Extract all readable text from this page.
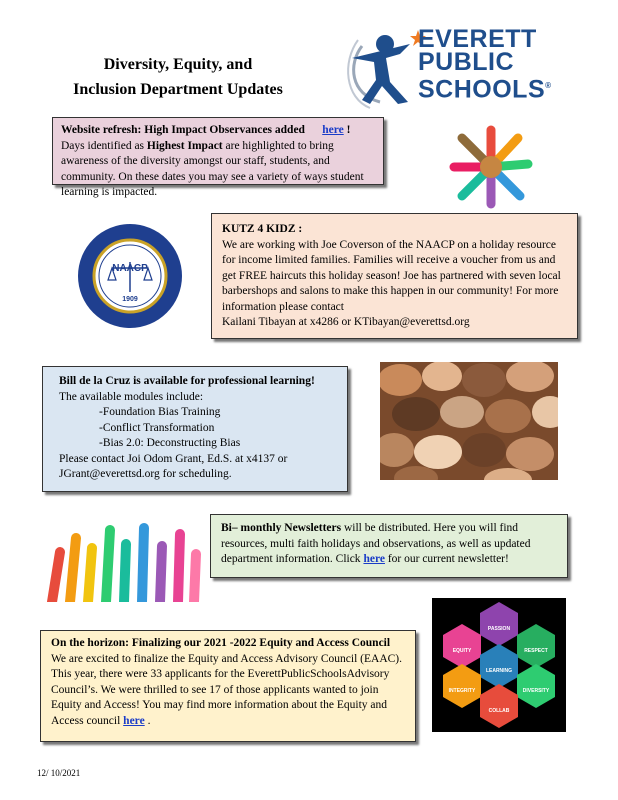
Diversity, Equity, and
Inclusion Department Updates
EVERETT
PUBLIC
SCHOOLS®
Website refresh: High Impact Observances added here !
Days identified as Highest Impact are highlighted to bring awareness of the diversity amongst our staff, students, and community. On these dates you may see a variety of ways student learning is impacted.
NAACP
1909
KUTZ 4 KIDZ :
We are working with Joe Coverson of the NAACP on a holiday resource for income limited families. Families will receive a voucher from us and get FREE haircuts this holiday season! Joe has partnered with seven local barbershops and salons to make this happen in our community! For more information please contact
Kailani Tibayan at x4286 or KTibayan@everettsd.org
Bill de la Cruz is available for professional learning!
The available modules include:
-Foundation Bias Training
-Conflict Transformation
-Bias 2.0: Deconstructing Bias
Please contact Joi Odom Grant, Ed.S. at x4137 or JGrant@everettsd.org for scheduling.
Bi– monthly Newsletters will be distributed. Here you will find resources, multi faith holidays and observations, as well as updated department information. Click here for our current newsletter!
PASSION
EQUITY	RESPECT
LEARNING
INTEGRITY	DIVERSITY
COLLAB
On the horizon: Finalizing our 2021 -2022 Equity and Access Council
We are excited to finalize the Equity and Access Advisory Council (EAAC). This year, there were 33 applicants for the EverettPublicSchoolsAdvisory Council’s. We were thrilled to see 17 of those applicants wanted to join Equity and Access! You may find more information about the Equity and Access council here .
12/ 10/2021
